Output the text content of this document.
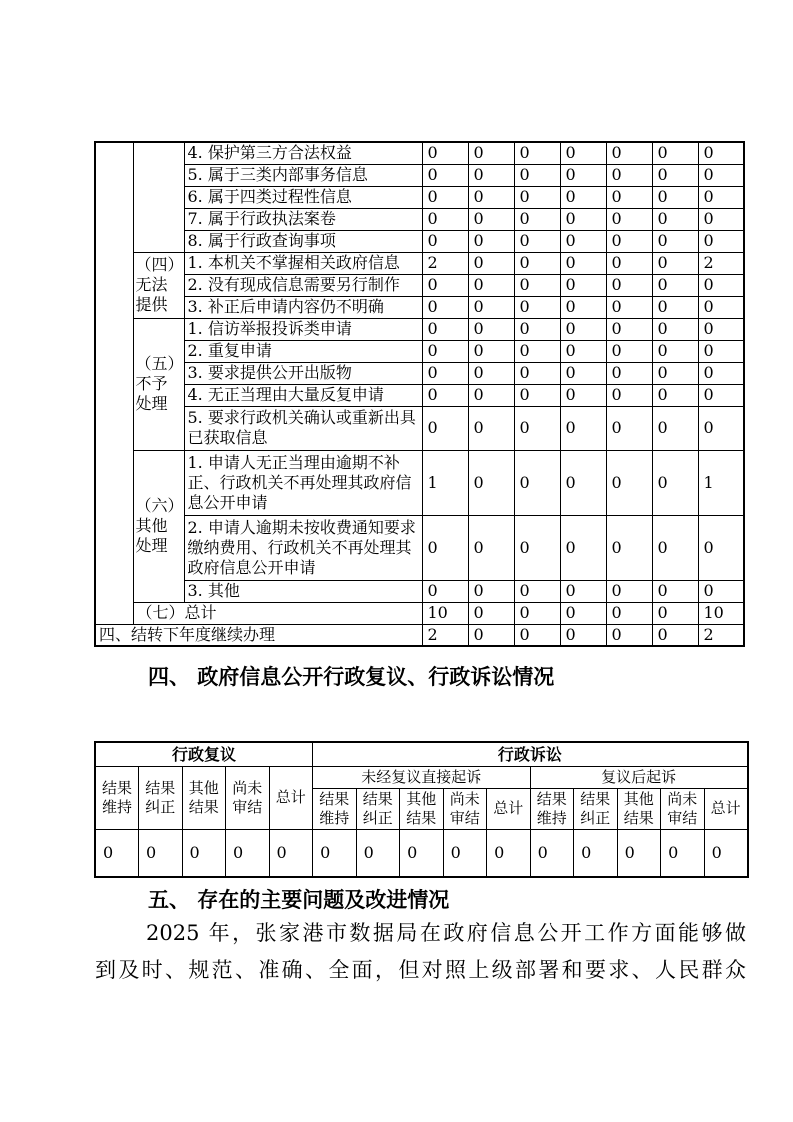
		4. 保护第三方合法权益	0	0	0	0	0	0	0
		5. 属于三类内部事务信息	0	0	0	0	0	0	0
		6. 属于四类过程性信息	0	0	0	0	0	0	0
		7. 属于行政执法案卷	0	0	0	0	0	0	0
		8. 属于行政查询事项	0	0	0	0	0	0	0
	（四）无法提供	1. 本机关不掌握相关政府信息	2	0	0	0	0	0	2
		2. 没有现成信息需要另行制作	0	0	0	0	0	0	0
		3. 补正后申请内容仍不明确	0	0	0	0	0	0	0
	（五）不予处理	1. 信访举报投诉类申请	0	0	0	0	0	0	0
		2. 重复申请	0	0	0	0	0	0	0
		3. 要求提供公开出版物	0	0	0	0	0	0	0
		4. 无正当理由大量反复申请	0	0	0	0	0	0	0
		5. 要求行政机关确认或重新出具已获取信息	0	0	0	0	0	0	0
	（六）其他处理	1. 申请人无正当理由逾期不补正、行政机关不再处理其政府信息公开申请	1	0	0	0	0	0	1
		2. 申请人逾期未按收费通知要求缴纳费用、行政机关不再处理其政府信息公开申请	0	0	0	0	0	0	0
		3. 其他	0	0	0	0	0	0	0
	（七）总计		10	0	0	0	0	0	10
四、结转下年度继续办理			2	0	0	0	0	0	2
四、 政府信息公开行政复议、行政诉讼情况
行政复议					行政诉讼									
结果维持	结果纠正	其他结果	尚未审结	总计	未经复议直接起诉					复议后起诉				
					结果维持	结果纠正	其他结果	尚未审结	总计	结果维持	结果纠正	其他结果	尚未审结	总计
0	0	0	0	0	0	0	0	0	0	0	0	0	0	0
五、 存在的主要问题及改进情况
2025 年，张家港市数据局在政府信息公开工作方面能够做
到及时、规范、准确、全面，但对照上级部署和要求、人民群众
